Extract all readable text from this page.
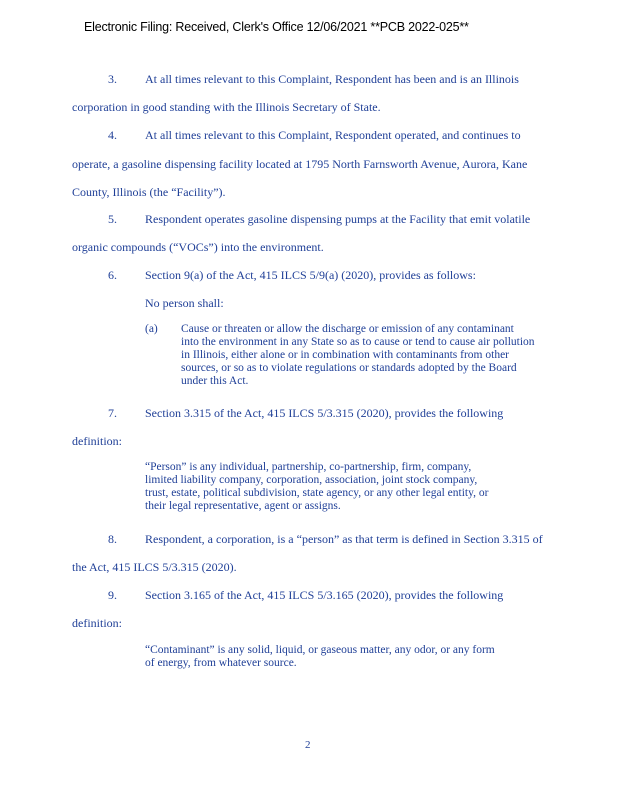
Electronic Filing: Received, Clerk's Office 12/06/2021 **PCB 2022-025**
3. At all times relevant to this Complaint, Respondent has been and is an Illinois
corporation in good standing with the Illinois Secretary of State.
4. At all times relevant to this Complaint, Respondent operated, and continues to
operate, a gasoline dispensing facility located at 1795 North Farnsworth Avenue, Aurora, Kane
County, Illinois (the “Facility”).
5. Respondent operates gasoline dispensing pumps at the Facility that emit volatile
organic compounds (“VOCs”) into the environment.
6. Section 9(a) of the Act, 415 ILCS 5/9(a) (2020), provides as follows:
No person shall:
(a) Cause or threaten or allow the discharge or emission of any contaminant
into the environment in any State so as to cause or tend to cause air pollution
in Illinois, either alone or in combination with contaminants from other
sources, or so as to violate regulations or standards adopted by the Board
under this Act.
7. Section 3.315 of the Act, 415 ILCS 5/3.315 (2020), provides the following
definition:
“Person” is any individual, partnership, co-partnership, firm, company,
limited liability company, corporation, association, joint stock company,
trust, estate, political subdivision, state agency, or any other legal entity, or
their legal representative, agent or assigns.
8. Respondent, a corporation, is a “person” as that term is defined in Section 3.315 of
the Act, 415 ILCS 5/3.315 (2020).
9. Section 3.165 of the Act, 415 ILCS 5/3.165 (2020), provides the following
definition:
“Contaminant” is any solid, liquid, or gaseous matter, any odor, or any form
of energy, from whatever source.
2
